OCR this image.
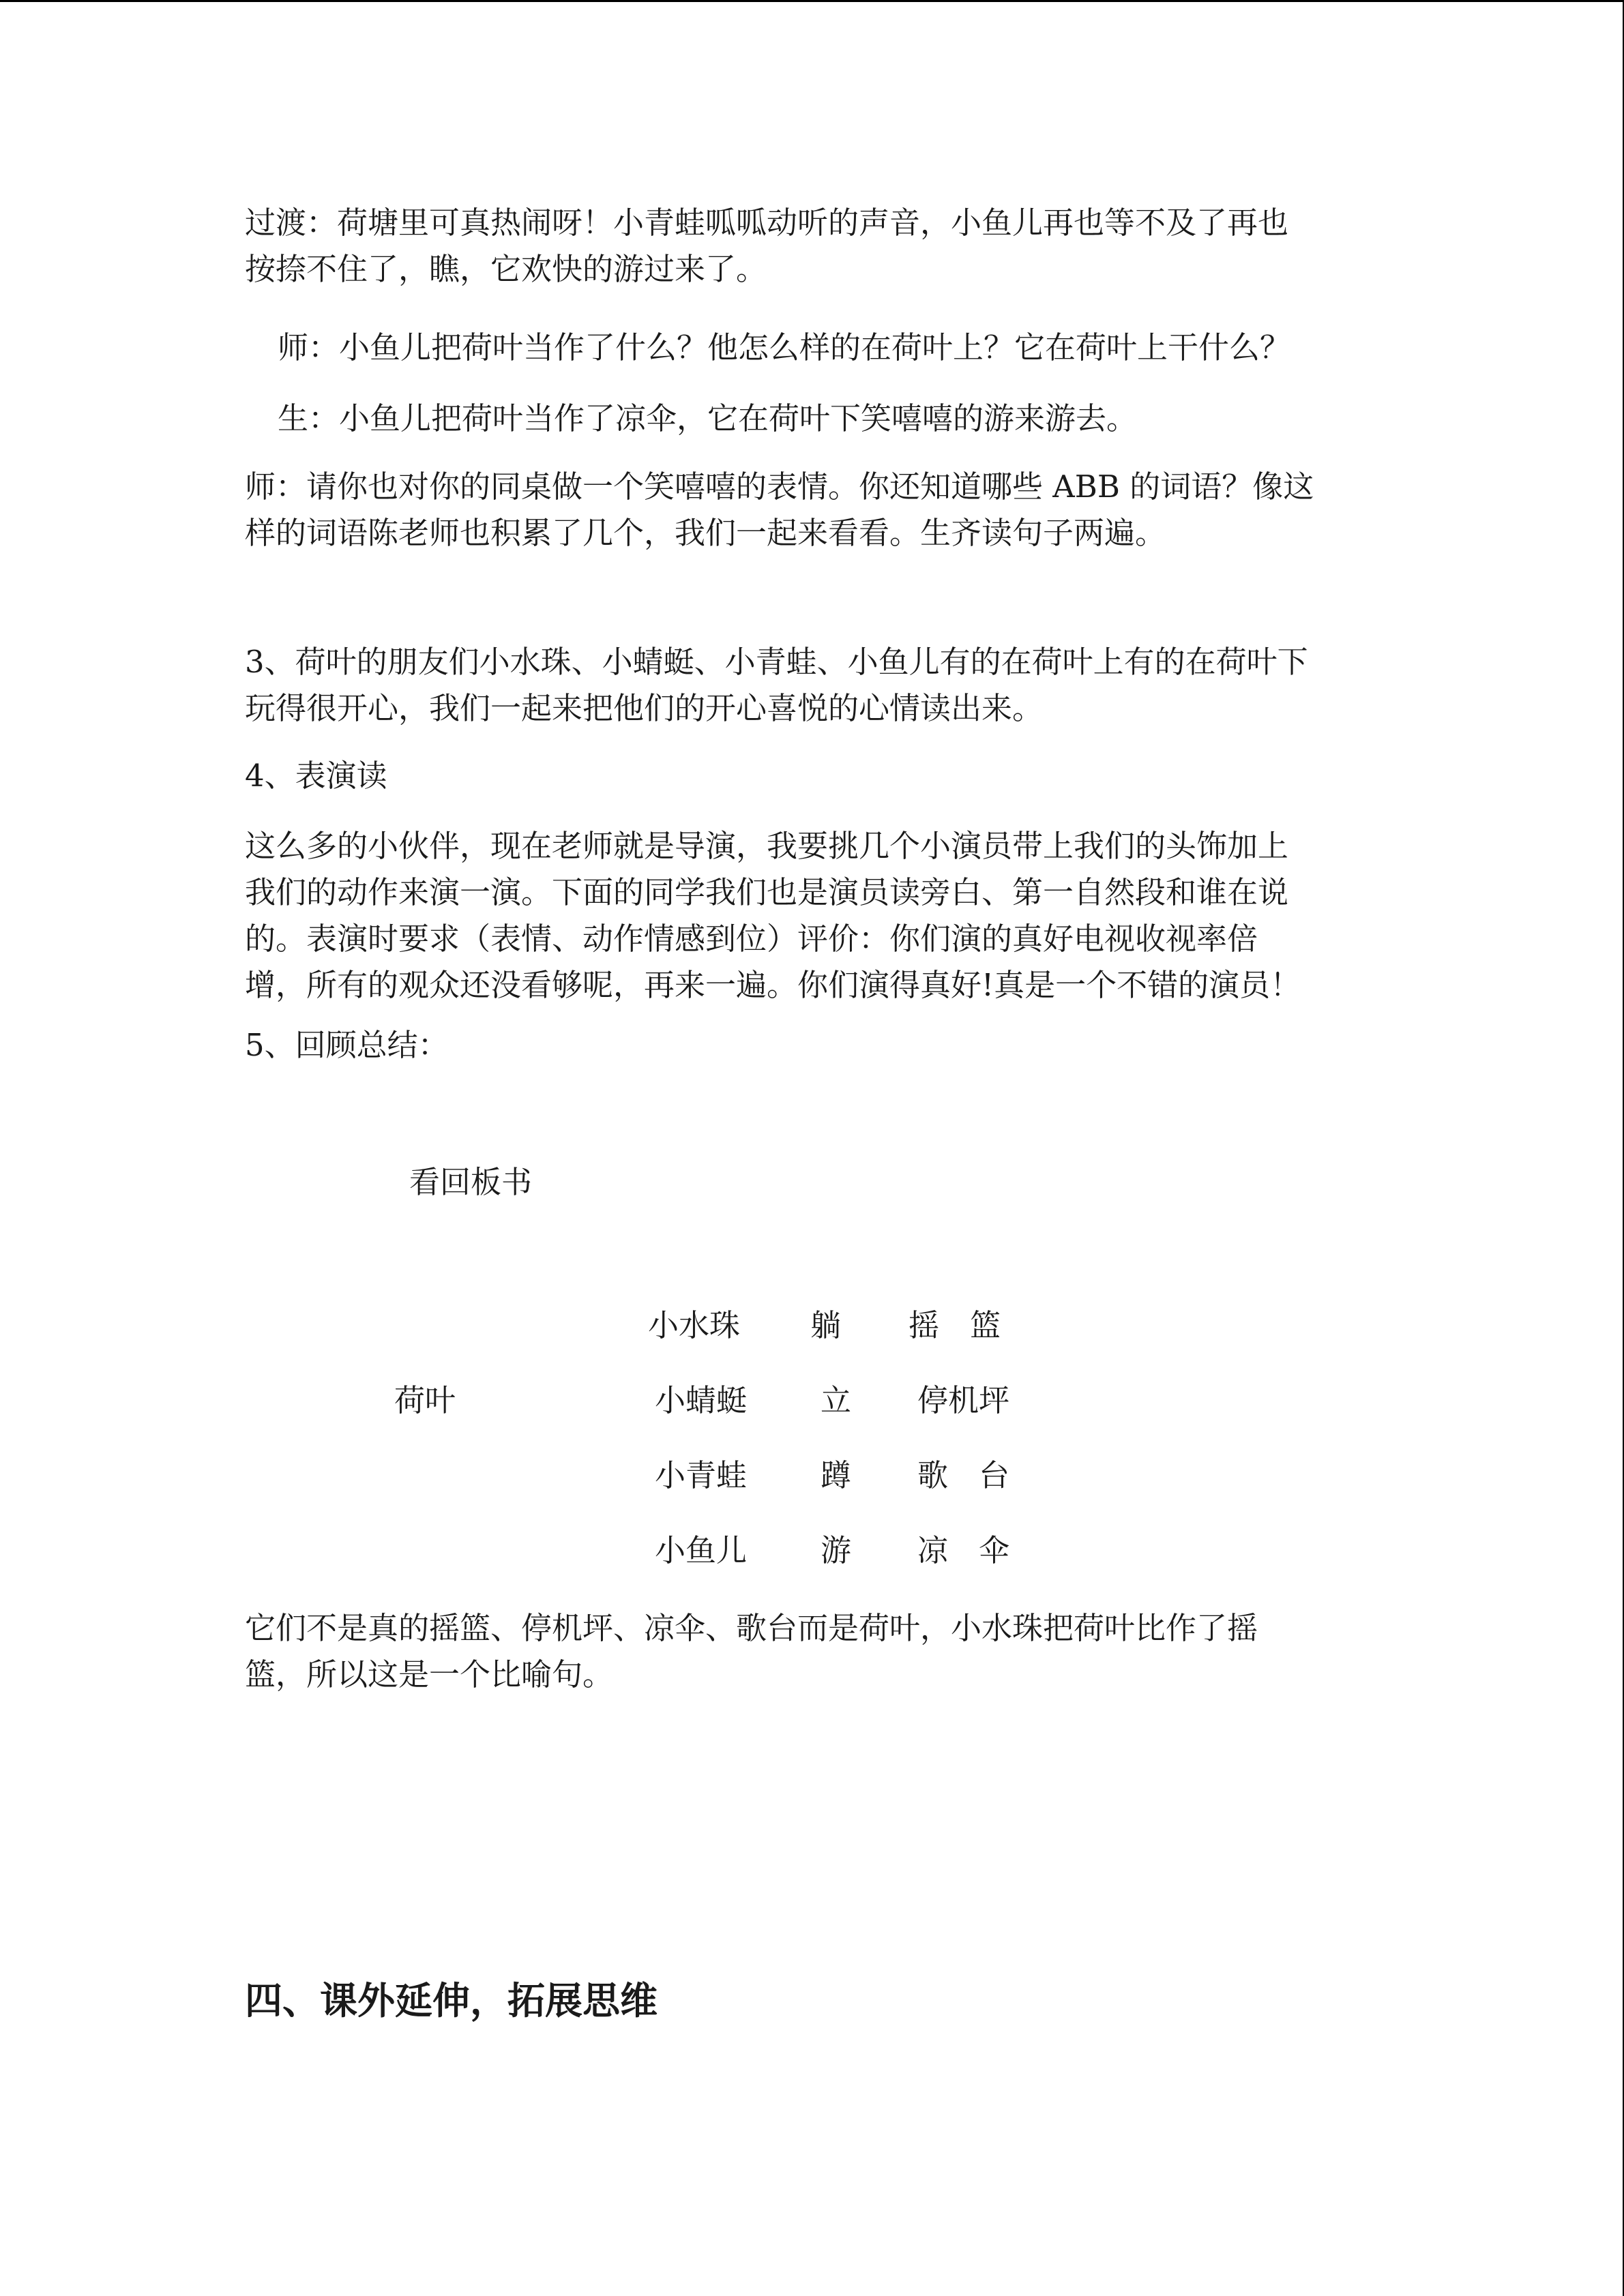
过渡：荷塘里可真热闹呀！小青蛙呱呱动听的声音，小鱼儿再也等不及了再也
按捺不住了，瞧，它欢快的游过来了。
师：小鱼儿把荷叶当作了什么？他怎么样的在荷叶上？它在荷叶上干什么？
生：小鱼儿把荷叶当作了凉伞，它在荷叶下笑嘻嘻的游来游去。
师：请你也对你的同桌做一个笑嘻嘻的表情。你还知道哪些 ABB 的词语？像这
样的词语陈老师也积累了几个，我们一起来看看。生齐读句子两遍。
3、荷叶的朋友们小水珠、小蜻蜓、小青蛙、小鱼儿有的在荷叶上有的在荷叶下
玩得很开心，我们一起来把他们的开心喜悦的心情读出来。
4、表演读
这么多的小伙伴，现在老师就是导演，我要挑几个小演员带上我们的头饰加上
我们的动作来演一演。下面的同学我们也是演员读旁白、第一自然段和谁在说
的。表演时要求（表情、动作情感到位）评价：你们演的真好电视收视率倍
增，所有的观众还没看够呢，再来一遍。你们演得真好!真是一个不错的演员！
5、回顾总结：
看回板书
荷叶
小水珠 躺 摇　篮
小蜻蜓 立 停机坪
小青蛙 蹲 歌　台
小鱼儿 游 凉　伞
它们不是真的摇篮、停机坪、凉伞、歌台而是荷叶，小水珠把荷叶比作了摇
篮，所以这是一个比喻句。
四、课外延伸，拓展思维
